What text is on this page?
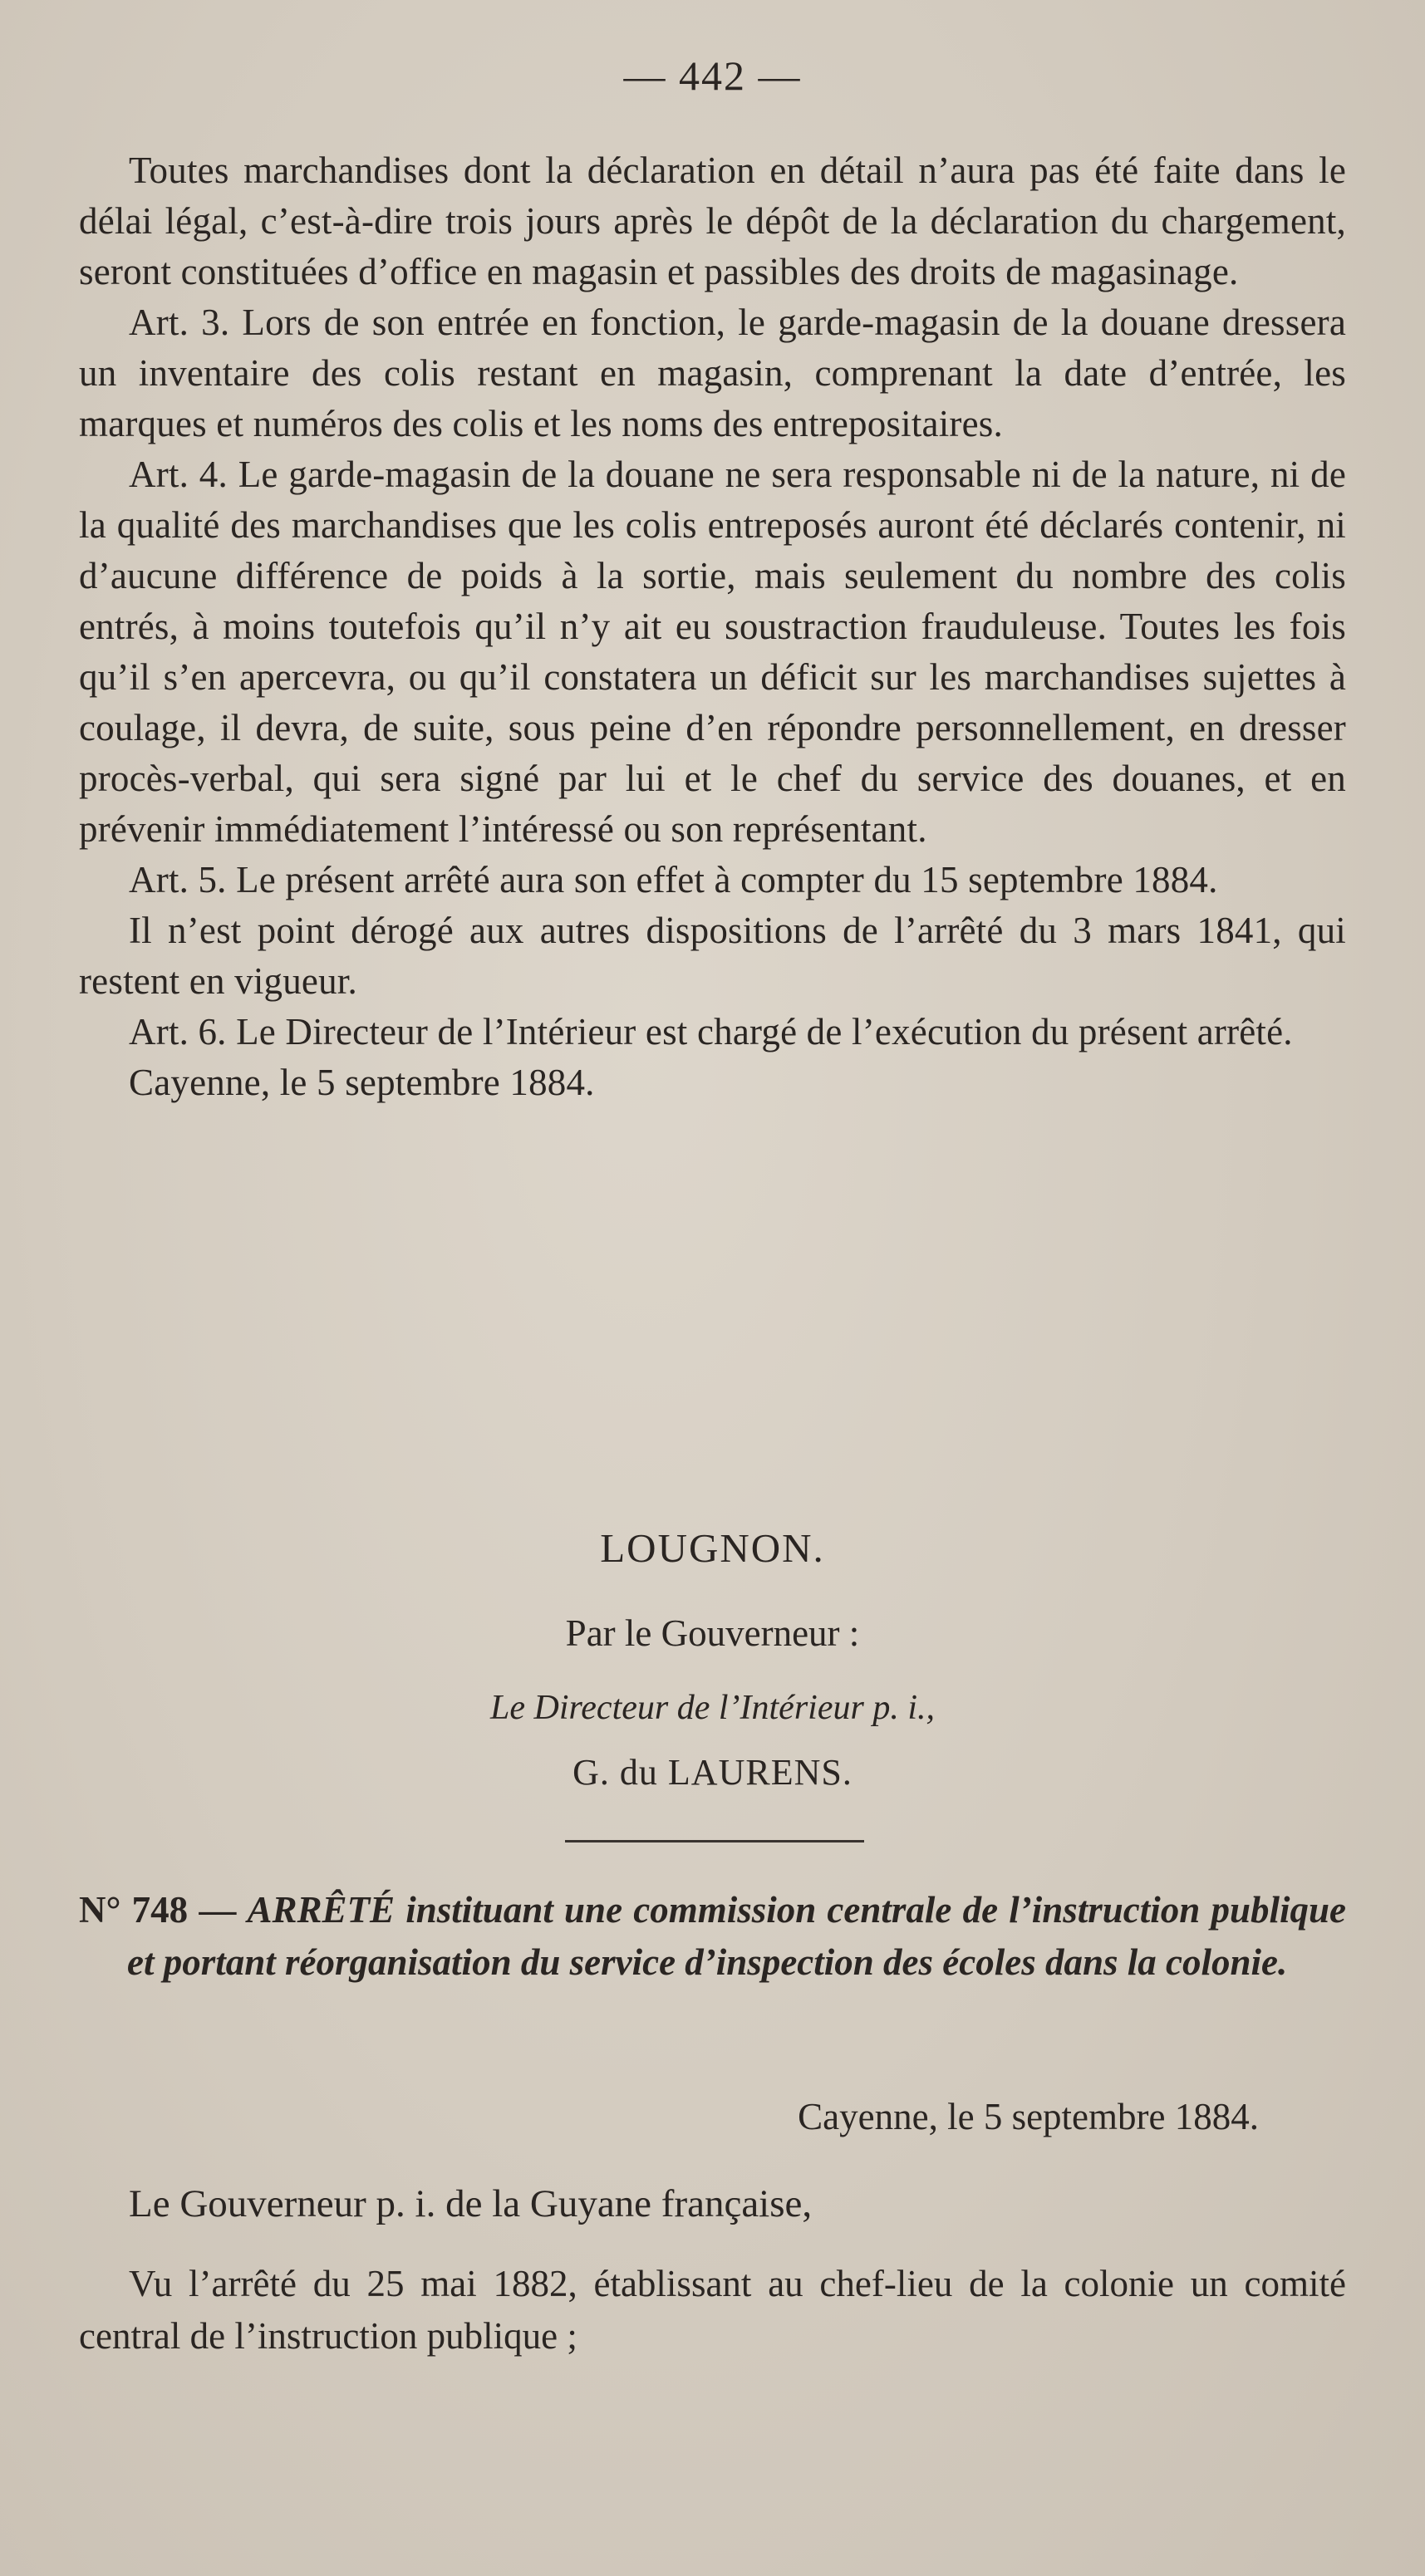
— 442 —

Toutes marchandises dont la déclaration en détail n’aura pas été faite dans le délai légal, c’est-à-dire trois jours après le dépôt de la déclaration du chargement, seront constituées d’office en magasin et passibles des droits de magasinage.

Art. 3. Lors de son entrée en fonction, le garde-magasin de la douane dressera un inventaire des colis restant en magasin, comprenant la date d’entrée, les marques et numéros des colis et les noms des entrepositaires.

Art. 4. Le garde-magasin de la douane ne sera responsable ni de la nature, ni de la qualité des marchandises que les colis entreposés auront été déclarés contenir, ni d’aucune différence de poids à la sortie, mais seulement du nombre des colis entrés, à moins toutefois qu’il n’y ait eu soustraction frauduleuse. Toutes les fois qu’il s’en apercevra, ou qu’il constatera un déficit sur les marchandises sujettes à coulage, il devra, de suite, sous peine d’en répondre personnellement, en dresser procès-verbal, qui sera signé par lui et le chef du service des douanes, et en prévenir immédiatement l’intéressé ou son représentant.

Art. 5. Le présent arrêté aura son effet à compter du 15 septembre 1884.

Il n’est point dérogé aux autres dispositions de l’arrêté du 3 mars 1841, qui restent en vigueur.

Art. 6. Le Directeur de l’Intérieur est chargé de l’exécution du présent arrêté.

Cayenne, le 5 septembre 1884.

LOUGNON.
Par le Gouverneur :
Le Directeur de l’Intérieur p. i.,
G. du LAURENS.
N° 748 — ARRÊTÉ instituant une commission centrale de l’instruction publique et portant réorganisation du service d’inspection des écoles dans la colonie.
Cayenne, le 5 septembre 1884.
Le Gouverneur p. i. de la Guyane française,

Vu l’arrêté du 25 mai 1882, établissant au chef-lieu de la colonie un comité central de l’instruction publique ;
